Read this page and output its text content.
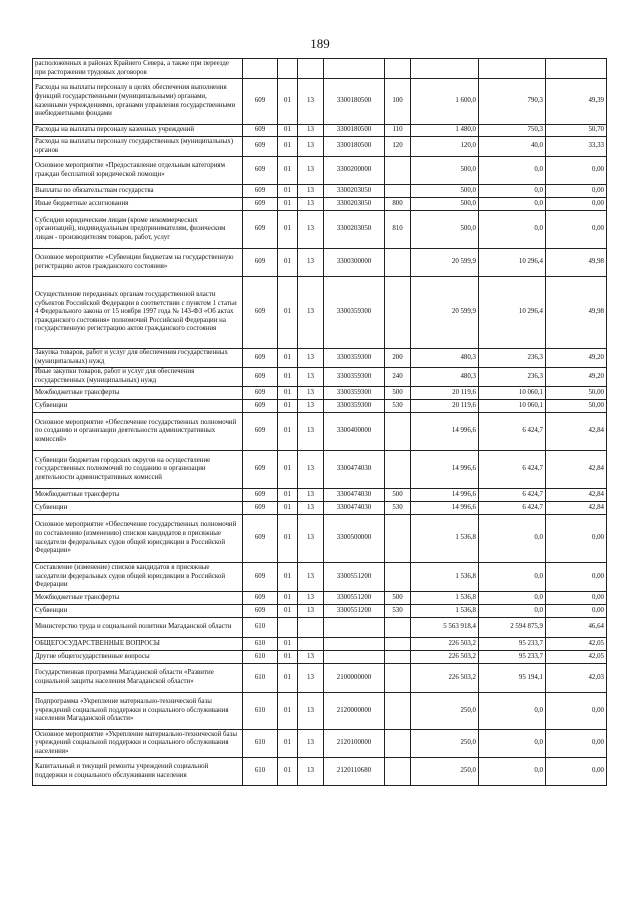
189
расположенных в районах Крайнего Севера, а также при переезде при расторжении трудовых договоров								
Расходы на выплаты персоналу в целях обеспечения выполнения функций государственными (муниципальными) органами, казенными учреждениями, органами управления государственными внебюджетными фондами	609	01	13	3300180500	100	1 600,0	790,3	49,39
Расходы на выплаты персоналу казенных учреждений	609	01	13	3300180500	110	1 480,0	750,3	50,70
Расходы на выплаты персоналу государственных (муниципальных) органов	609	01	13	3300180500	120	120,0	40,0	33,33
Основное мероприятие «Предоставление отдельным категориям граждан бесплатной юридической помощи»	609	01	13	3300200000		500,0	0,0	0,00
Выплаты по обязательствам государства	609	01	13	3300203050		500,0	0,0	0,00
Иные бюджетные ассигнования	609	01	13	3300203050	800	500,0	0,0	0,00
Субсидии юридическим лицам (кроме некоммерческих организаций), индивидуальным предпринимателям, физическим лицам - производителям товаров, работ, услуг	609	01	13	3300203050	810	500,0	0,0	0,00
Основное мероприятие «Субвенции бюджетам на государственную регистрацию актов гражданского состояния»	609	01	13	3300300000		20 599,9	10 296,4	49,98
Осуществление переданных органам государственной власти субъектов Российской Федерации в соответствии с пунктом 1 статьи 4 Федерального закона от 15 ноября 1997 года № 143-ФЗ «Об актах гражданского состояния» полномочий Российской Федерации на государственную регистрацию актов гражданского состояния	609	01	13	3300359300		20 599,9	10 296,4	49,98
Закупка товаров, работ и услуг для обеспечения государственных (муниципальных) нужд	609	01	13	3300359300	200	480,3	236,3	49,20
Иные закупки товаров, работ и услуг для обеспечения государственных (муниципальных) нужд	609	01	13	3300359300	240	480,3	236,3	49,20
Межбюджетные трансферты	609	01	13	3300359300	500	20 119,6	10 060,1	50,00
Субвенции	609	01	13	3300359300	530	20 119,6	10 060,1	50,00
Основное мероприятие «Обеспечение государственных полномочий по созданию и организации деятельности административных комиссий»	609	01	13	3300400000		14 996,6	6 424,7	42,84
Субвенции бюджетам городских округов на осуществление государственных полномочий по созданию и организации деятельности административных комиссий	609	01	13	3300474030		14 996,6	6 424,7	42,84
Межбюджетные трансферты	609	01	13	3300474030	500	14 996,6	6 424,7	42,84
Субвенции	609	01	13	3300474030	530	14 996,6	6 424,7	42,84
Основное мероприятие «Обеспечение государственных полномочий по составлению (изменению) списков кандидатов в присяжные заседатели федеральных судов общей юрисдикции в Российской Федерации»	609	01	13	3300500000		1 536,8	0,0	0,00
Составление (изменение) списков кандидатов в присяжные заседатели федеральных судов общей юрисдикции в Российской Федерации	609	01	13	3300551200		1 536,8	0,0	0,00
Межбюджетные трансферты	609	01	13	3300551200	500	1 536,8	0,0	0,00
Субвенции	609	01	13	3300551200	530	1 536,8	0,0	0,00
Министерство труда и социальной политики Магаданской области	610					5 563 918,4	2 594 875,9	46,64
ОБЩЕГОСУДАРСТВЕННЫЕ ВОПРОСЫ	610	01				226 503,2	95 233,7	42,05
Другие общегосударственные вопросы	610	01	13			226 503,2	95 233,7	42,05
Государственная программа Магаданской области «Развитие социальной защиты населения Магаданской области»	610	01	13	2100000000		226 503,2	95 194,1	42,03
Подпрограмма «Укрепление материально-технической базы учреждений социальной поддержки и социального обслуживания населения Магаданской области»	610	01	13	2120000000		250,0	0,0	0,00
Основное мероприятие «Укрепление материально-технической базы учреждений социальной поддержки и социального обслуживания населения»	610	01	13	2120100000		250,0	0,0	0,00
Капитальный и текущий ремонты учреждений социальной поддержки и социального обслуживания населения	610	01	13	2120110680		250,0	0,0	0,00
